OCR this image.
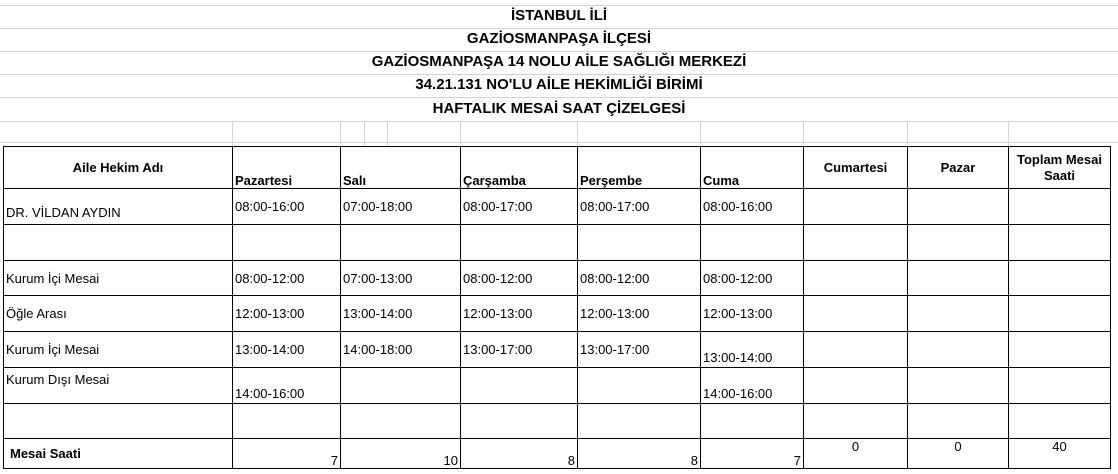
İSTANBUL İLİ
GAZİOSMANPAŞA İLÇESİ
GAZİOSMANPAŞA 14 NOLU AİLE SAĞLIĞI MERKEZİ
34.21.131 NO'LU AİLE HEKİMLİĞİ BİRİMİ
HAFTALIK MESAİ SAAT ÇİZELGESİ
Aile Hekim Adı	Pazartesi	Salı	Çarşamba	Perşembe	Cuma	Cumartesi	Pazar	Toplam Mesai Saati
DR. VİLDAN AYDIN	08:00-16:00	07:00-18:00	08:00-17:00	08:00-17:00	08:00-16:00			

Kurum İçi Mesai	08:00-12:00	07:00-13:00	08:00-12:00	08:00-12:00	08:00-12:00			
Öğle Arası	12:00-13:00	13:00-14:00	12:00-13:00	12:00-13:00	12:00-13:00			
Kurum İçi Mesai	13:00-14:00	14:00-18:00	13:00-17:00	13:00-17:00	13:00-14:00			
Kurum Dışı Mesai	14:00-16:00				14:00-16:00			

Mesai Saati	7	10	8	8	7	0	0	40
